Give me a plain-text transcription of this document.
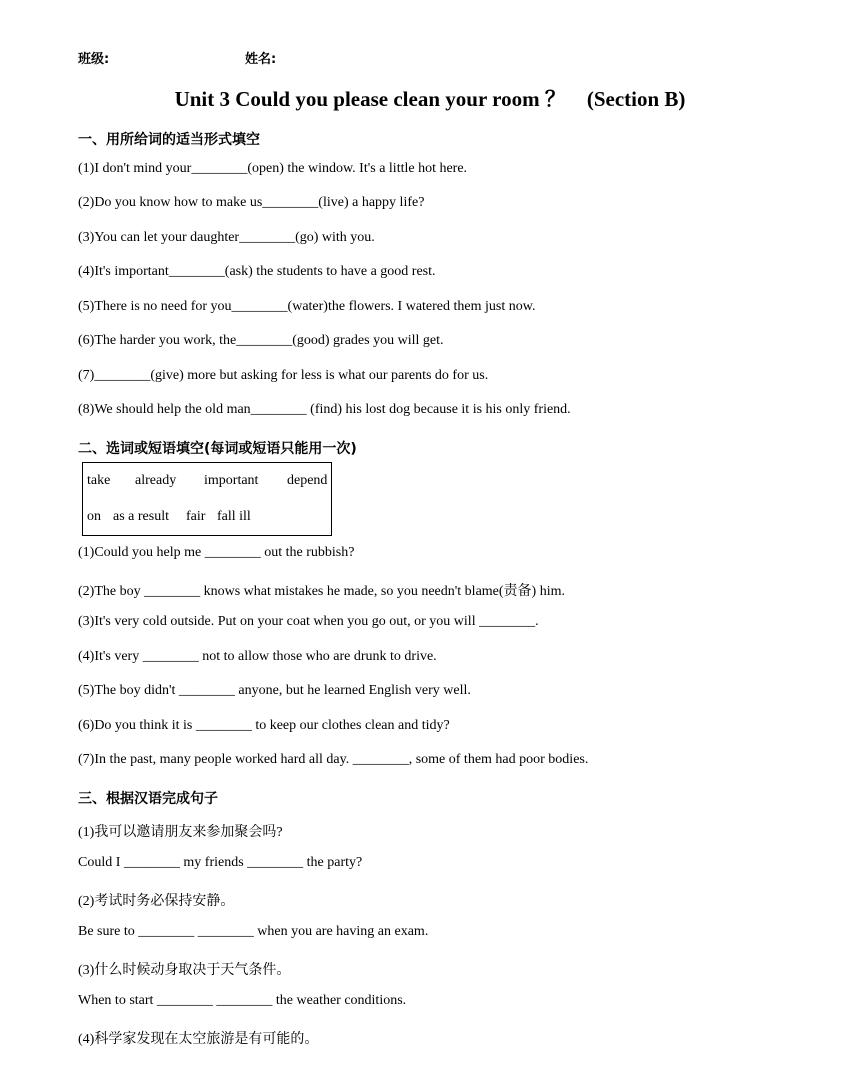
班级:	姓名:
Unit 3 Could you please clean your room ？    (Section B)
一、用所给词的适当形式填空
(1)I don't mind your________(open) the window. It's a little hot here.
(2)Do you know how to make us________(live) a happy life?
(3)You can let your daughter________(go) with you.
(4)It's important________(ask) the students to have a good rest.
(5)There is no need for you________(water)the flowers. I watered them just now.
(6)The harder you work, the________(good) grades you will get.
(7)________(give) more but asking for less is what our parents do for us.
(8)We should help the old man________ (find) his lost dog because it is his only friend.
二、选词或短语填空(每词或短语只能用一次)
take already important depend
on as a result fair fall ill
(1)Could you help me ________ out the rubbish?
(2)The boy ________ knows what mistakes he made, so you needn't blame(责备) him.
(3)It's very cold outside. Put on your coat when you go out, or you will ________.
(4)It's very ________ not to allow those who are drunk to drive.
(5)The boy didn't ________ anyone, but he learned English very well.
(6)Do you think it is ________ to keep our clothes clean and tidy?
(7)In the past, many people worked hard all day. ________, some of them had poor bodies.
三、根据汉语完成句子
(1)我可以邀请朋友来参加聚会吗?
Could I ________ my friends ________ the party?
(2)考试时务必保持安静。
Be sure to ________ ________ when you are having an exam.
(3)什么时候动身取决于天气条件。
When to start ________ ________ the weather conditions.
(4)科学家发现在太空旅游是有可能的。
